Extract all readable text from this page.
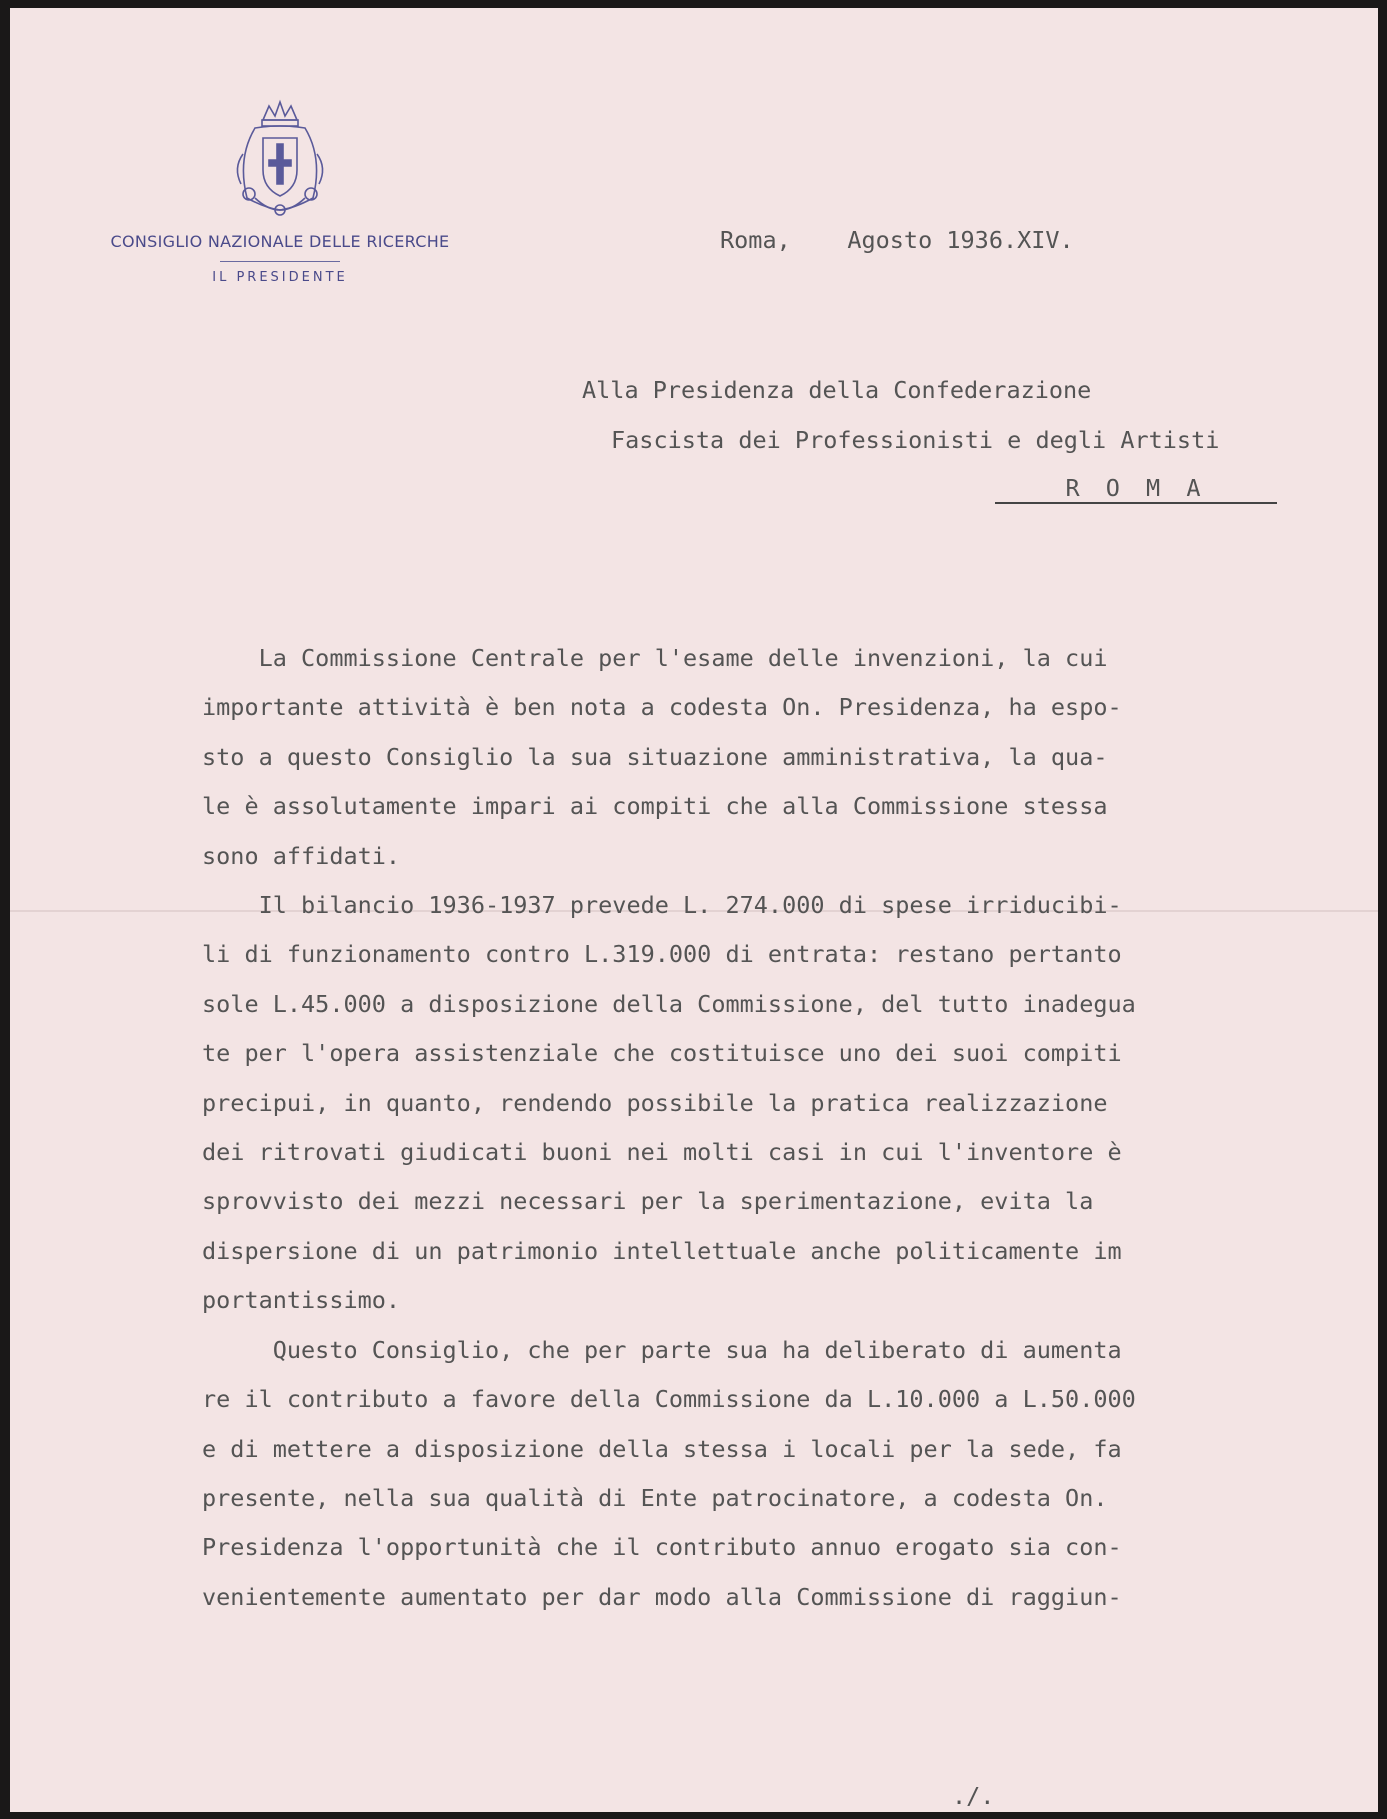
CONSIGLIO NAZIONALE DELLE RICERCHE
IL PRESIDENTE
Roma,    Agosto 1936.XIV.
Alla Presidenza della Confederazione
Fascista dei Professionisti e degli Artisti
R O M A
La Commissione Centrale per l'esame delle invenzioni, la cui
importante attività è ben nota a codesta On. Presidenza, ha espo-
sto a questo Consiglio la sua situazione amministrativa, la qua-
le è assolutamente impari ai compiti che alla Commissione stessa
sono affidati.
Il bilancio 1936-1937 prevede L. 274.000 di spese irriducibi-
li di funzionamento contro L.319.000 di entrata: restano pertanto
sole L.45.000 a disposizione della Commissione, del tutto inadegua
te per l'opera assistenziale che costituisce uno dei suoi compiti
precipui, in quanto, rendendo possibile la pratica realizzazione
dei ritrovati giudicati buoni nei molti casi in cui l'inventore è
sprovvisto dei mezzi necessari per la sperimentazione, evita la
dispersione di un patrimonio intellettuale anche politicamente im
portantissimo.
Questo Consiglio, che per parte sua ha deliberato di aumenta
re il contributo a favore della Commissione da L.10.000 a L.50.000
e di mettere a disposizione della stessa i locali per la sede, fa
presente, nella sua qualità di Ente patrocinatore, a codesta On.
Presidenza l'opportunità che il contributo annuo erogato sia con-
venientemente aumentato per dar modo alla Commissione di raggiun-
./.
